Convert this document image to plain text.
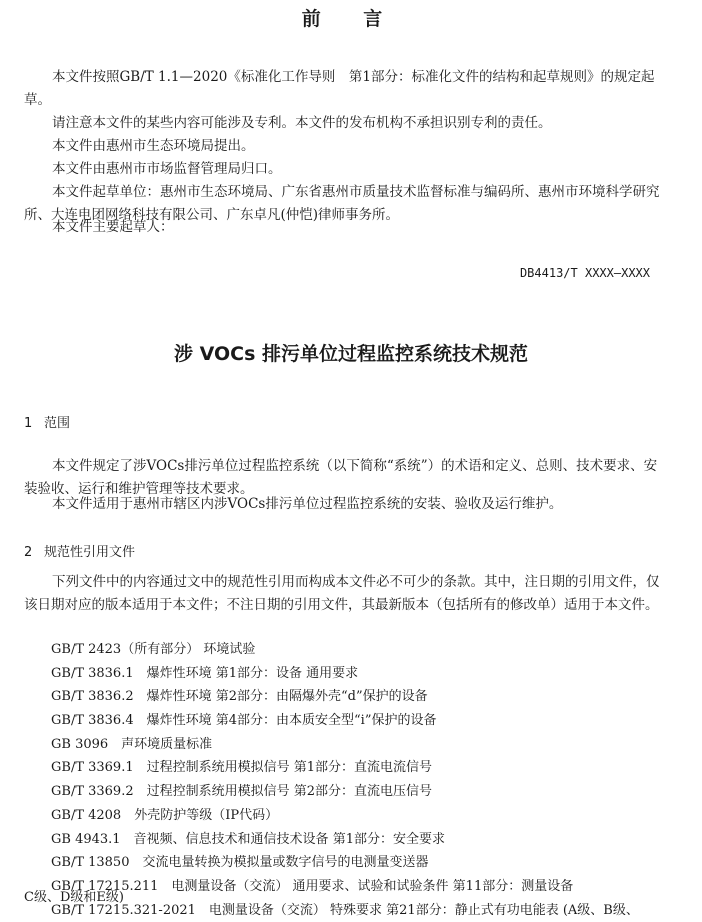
前 言
本文件按照GB/T 1.1—2020《标准化工作导则　第1部分：标准化文件的结构和起草规则》的规定起草。
请注意本文件的某些内容可能涉及专利。本文件的发布机构不承担识别专利的责任。
本文件由惠州市生态环境局提出。
本文件由惠州市市场监督管理局归口。
本文件起草单位：惠州市生态环境局、广东省惠州市质量技术监督标准与编码所、惠州市环境科学研究所、大连电团网络科技有限公司、广东卓凡(仲恺)律师事务所。
本文件主要起草人：
DB4413/T XXXX—XXXX
涉 VOCs 排污单位过程监控系统技术规范
1 范围
本文件规定了涉VOCs排污单位过程监控系统（以下简称“系统”）的术语和定义、总则、技术要求、安装验收、运行和维护管理等技术要求。
本文件适用于惠州市辖区内涉VOCs排污单位过程监控系统的安装、验收及运行维护。
2 规范性引用文件
下列文件中的内容通过文中的规范性引用而构成本文件必不可少的条款。其中，注日期的引用文件，仅该日期对应的版本适用于本文件；不注日期的引用文件，其最新版本（包括所有的修改单）适用于本文件。
GB/T 2423（所有部分） 环境试验
GB/T 3836.1　爆炸性环境 第1部分：设备 通用要求
GB/T 3836.2　爆炸性环境 第2部分：由隔爆外壳“d”保护的设备
GB/T 3836.4　爆炸性环境 第4部分：由本质安全型“i”保护的设备
GB 3096　声环境质量标准
GB/T 3369.1　过程控制系统用模拟信号 第1部分：直流电流信号
GB/T 3369.2　过程控制系统用模拟信号 第2部分：直流电压信号
GB/T 4208　外壳防护等级（IP代码）
GB 4943.1　音视频、信息技术和通信技术设备 第1部分：安全要求
GB/T 13850　交流电量转换为模拟量或数字信号的电测量变送器
GB/T 17215.211　电测量设备（交流） 通用要求、试验和试验条件 第11部分：测量设备
GB/T 17215.321-2021　电测量设备（交流） 特殊要求 第21部分：静止式有功电能表 (A级、B级、
C级、D级和E级)
